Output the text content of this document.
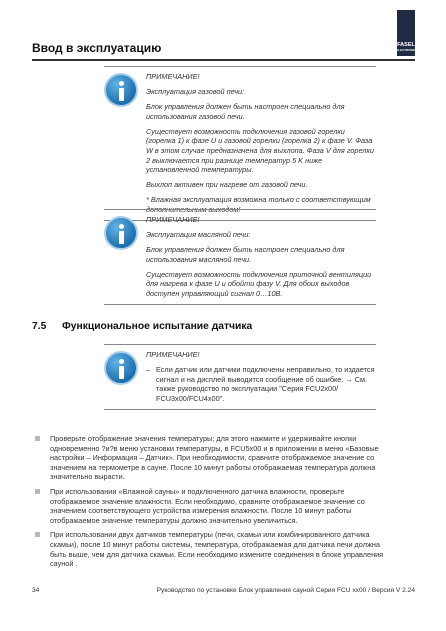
Ввод в эксплуатацию	FASEL
ELECTRONIC

ПРИМЕЧАНИЕ!

Эксплуатация газовой печи:

Блок управления должен быть настроен специально для использования газовой печи.

Существует возможность подключения газовой горелки (горелка 1) к фазе U и газовой горелки (горелка 2) к фазе V. Фаза W в этом случае предназначена для выхлопа. Фаза V для горелки 2 выключается при разнице температур 5 K ниже установленной температуры.

Выхлоп активен при нагреве от газовой печи.

* Влажная эксплуатация возможна только с соответствующим

ПРИМЕЧАНИЕ!

Эксплуатация масляной печи:

Блок управления должен быть настроен специально для использования масляной печи.

Существует возможность подключения приточной вентиляции для нагрева к фазе U и обойти фазу V. Для обоих выходов доступен управляющий сигнал 0…10В.

7.5 Функциональное испытание датчика

ПРИМЕЧАНИЕ!

– Если датчик или датчики подключены неправильно, то издается сигнал и на дисплей выводится сообщение об ошибке. → См. также руководство по эксплуатации "Серия FCU2x00/ FCU3x00/FCU4x00".
Проверьте отображение значения температуры; для этого нажмите и удерживайте кнопки одновременно ?и?в меню установки температуры, в FCU5x00 и в приложении в меню «Базовые настройки – Информация – Датчик». При необходимости, сравните отображаемое значение со значением на термометре в сауне. После 10 минут работы отображаемая температура должна значительно вырасти.
При использовании «Влажной сауны» и подключенного датчика влажности, проверьте отображаемое значение влажности. Если необходимо, сравните отображаемое значение со значением соответствующего устройства измерения влажности. После 10 минут работы отображаемое значение температуры должно значительно увеличиться.
При использовании двух датчиков температуры (печи, скамьи или комбинированного датчика скамьи), после 10 минут работы системы, температура, отображаемая для датчика печи должна быть выше, чем для датчика скамьи. Если необходимо измените соединения в блоке управления сауной .
34	Руководство по установке Блок управления сауной Серия FCU xx00 / Версия V 2.24
